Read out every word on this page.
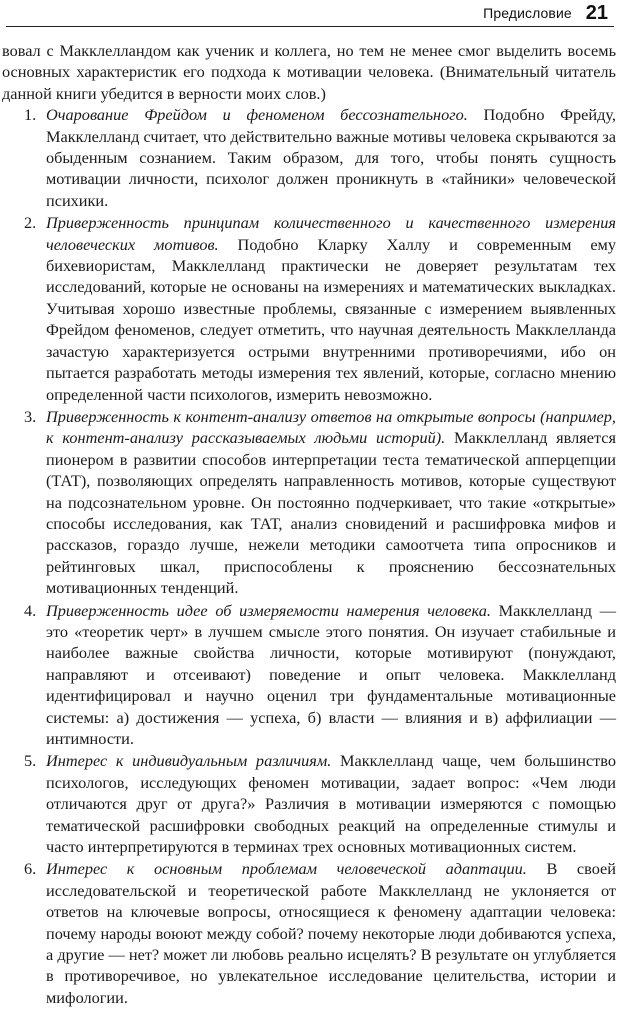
Предисловие 21

вовал с Макклелландом как ученик и коллега, но тем не менее смог выделить восемь основных характеристик его подхода к мотивации человека. (Внимательный читатель данной книги убедится в верности моих слов.)

1. Очарование Фрейдом и феноменом бессознательного. Подобно Фрейду, Макклелланд считает, что действительно важные мотивы человека скрываются за обыденным сознанием. Таким образом, для того, чтобы понять сущность мотивации личности, психолог должен проникнуть в «тайники» человеческой психики.
2. Приверженность принципам количественного и качественного измерения человеческих мотивов. Подобно Кларку Халлу и современным ему бихевиористам, Макклелланд практически не доверяет результатам тех исследований, которые не основаны на измерениях и математических выкладках. Учитывая хорошо известные проблемы, связанные с измерением выявленных Фрейдом феноменов, следует отметить, что научная деятельность Макклелланда зачастую характеризуется острыми внутренними противоречиями, ибо он пытается разработать методы измерения тех явлений, которые, согласно мнению определенной части психологов, измерить невозможно.
3. Приверженность к контент-анализу ответов на открытые вопросы (например, к контент-анализу рассказываемых людьми историй). Макклелланд является пионером в развитии способов интерпретации теста тематической апперцепции (ТАТ), позволяющих определять направленность мотивов, которые существуют на подсознательном уровне. Он постоянно подчеркивает, что такие «открытые» способы исследования, как ТАТ, анализ сновидений и расшифровка мифов и рассказов, гораздо лучше, нежели методики самоотчета типа опросников и рейтинговых шкал, приспособлены к прояснению бессознательных мотивационных тенденций.
4. Приверженность идее об измеряемости намерения человека. Макклелланд — это «теоретик черт» в лучшем смысле этого понятия. Он изучает стабильные и наиболее важные свойства личности, которые мотивируют (понуждают, направляют и отсеивают) поведение и опыт человека. Макклелланд идентифицировал и научно оценил три фундаментальные мотивационные системы: а) достижения — успеха, б) власти — влияния и в) аффилиации — интимности.
5. Интерес к индивидуальным различиям. Макклелланд чаще, чем большинство психологов, исследующих феномен мотивации, задает вопрос: «Чем люди отличаются друг от друга?» Различия в мотивации измеряются с помощью тематической расшифровки свободных реакций на определенные стимулы и часто интерпретируются в терминах трех основных мотивационных систем.
6. Интерес к основным проблемам человеческой адаптации. В своей исследовательской и теоретической работе Макклелланд не уклоняется от ответов на ключевые вопросы, относящиеся к феномену адаптации человека: почему народы воюют между собой? почему некоторые люди добиваются успеха, а другие — нет? может ли любовь реально исцелять? В результате он углубляется в противоречивое, но увлекательное исследование целительства, истории и мифологии.
